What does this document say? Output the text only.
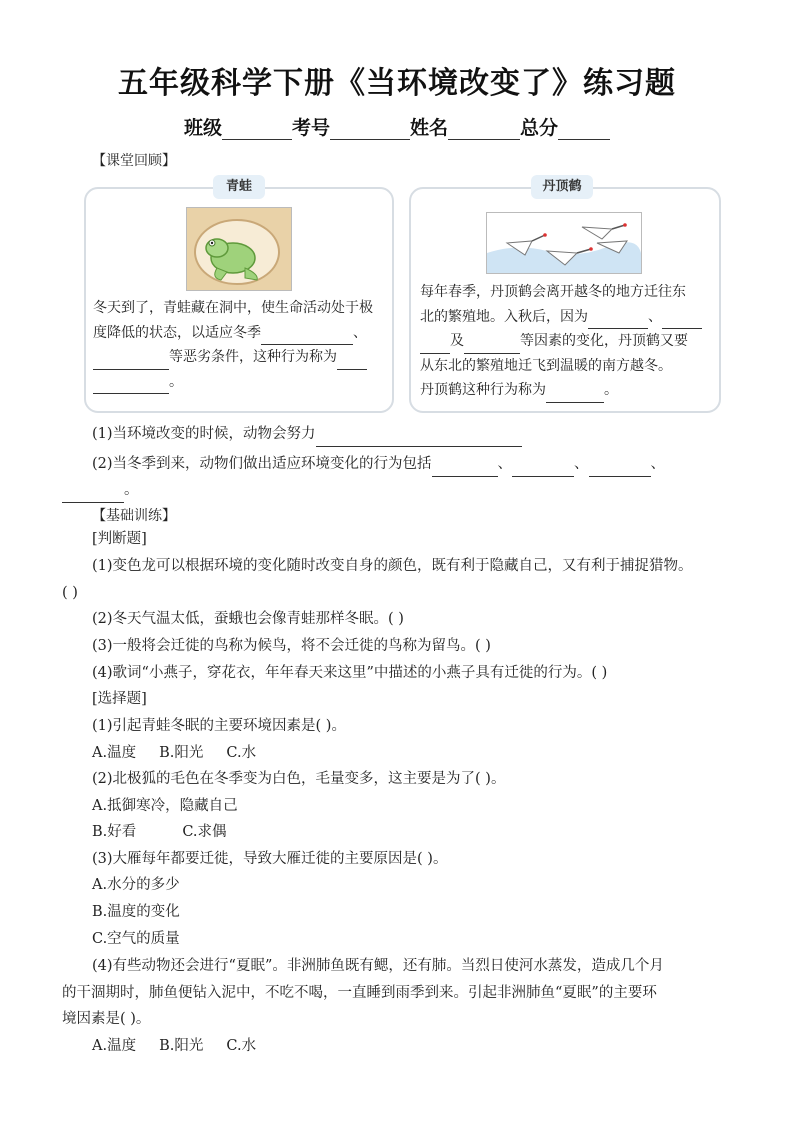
五年级科学下册《当环境改变了》练习题
班级	考号	姓名	总分
【课堂回顾】
青蛙
冬天到了，青蛙藏在洞中，使生命活动处于极
度降低的状态，以适应冬季	、
等恶劣条件，这种行为称为
。
丹顶鹤
每年春季，丹顶鹤会离开越冬的地方迁往东
北的繁殖地。入秋后，因为	、
及	等因素的变化，丹顶鹤又要
从东北的繁殖地迁飞到温暖的南方越冬。
丹顶鹤这种行为称为	。
(1)当环境改变的时候，动物会努力
(2)当冬季到来，动物们做出适应环境变化的行为包括	、	、	、
。
【基础训练】
[判断题]
(1)变色龙可以根据环境的变化随时改变自身的颜色，既有利于隐藏自己，又有利于捕捉猎物。
( )
(2)冬天气温太低，蚕蛾也会像青蛙那样冬眠。( )
(3)一般将会迁徙的鸟称为候鸟，将不会迁徙的鸟称为留鸟。( )
(4)歌词“小燕子，穿花衣，年年春天来这里”中描述的小燕子具有迁徙的行为。( )
[选择题]
(1)引起青蛙冬眠的主要环境因素是( )。
A.温度     B.阳光     C.水
(2)北极狐的毛色在冬季变为白色，毛量变多，这主要是为了( )。
A.抵御寒冷，隐藏自己
B.好看          C.求偶
(3)大雁每年都要迁徙，导致大雁迁徙的主要原因是( )。
A.水分的多少
B.温度的变化
C.空气的质量
(4)有些动物还会进行“夏眠”。非洲肺鱼既有鳃，还有肺。当烈日使河水蒸发，造成几个月
的干涸期时，肺鱼便钻入泥中，不吃不喝，一直睡到雨季到来。引起非洲肺鱼“夏眠”的主要环
境因素是( )。
A.温度     B.阳光     C.水
